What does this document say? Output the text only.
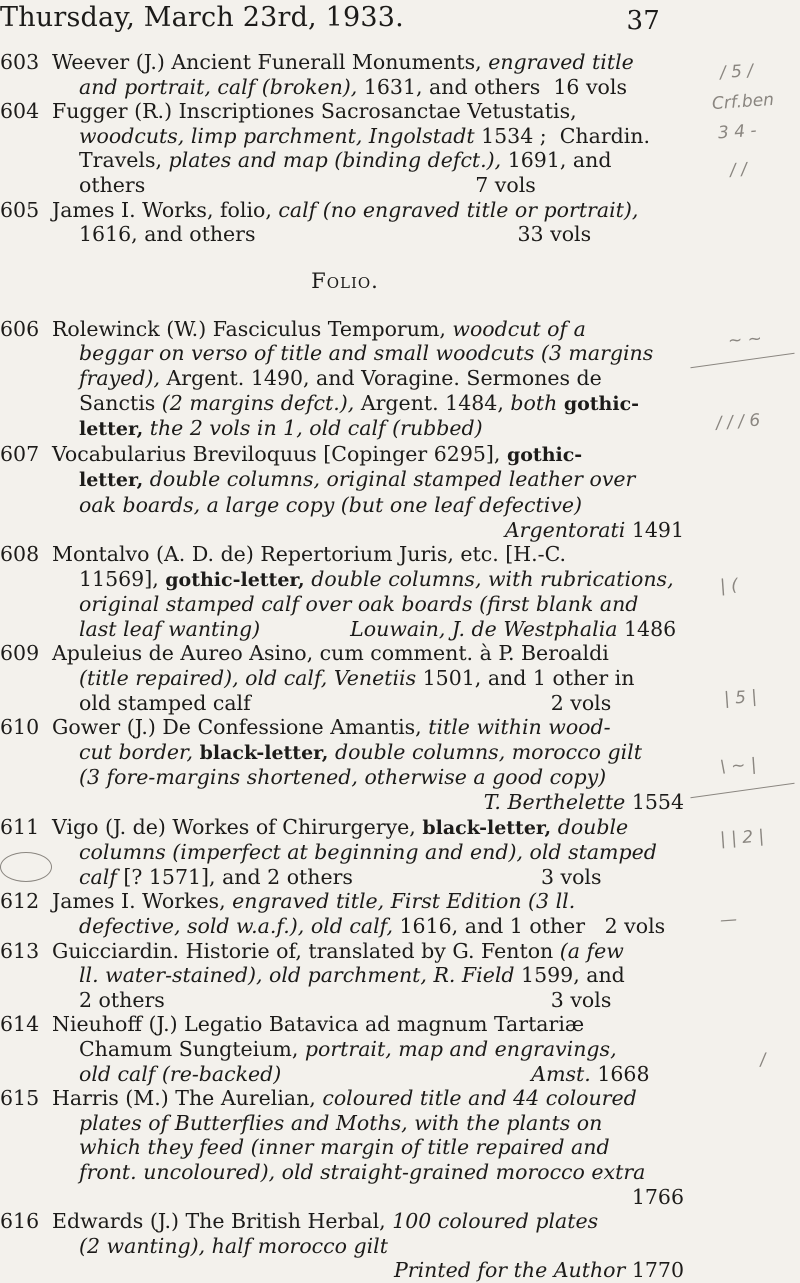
Thursday, March 23rd, 1933.	37
603 Weever (J.) Ancient Funerall Monuments, engraved title
and portrait, calf (broken), 1631, and others  16 vols
604 Fugger (R.) Inscriptiones Sacrosanctae Vetustatis,
woodcuts, limp parchment, Ingolstadt 1534 ;  Chardin.
Travels, plates and map (binding defct.), 1691, and
others	7 vols
605 James I. Works, folio, calf (no engraved title or portrait),
1616, and others	33 vols
Folio.
606 Rolewinck (W.) Fasciculus Temporum, woodcut of a
beggar on verso of title and small woodcuts (3 margins
frayed), Argent. 1490, and Voragine. Sermones de
Sanctis (2 margins defct.), Argent. 1484, both gothic-
letter, the 2 vols in 1, old calf (rubbed)
607 Vocabularius Breviloquus [Copinger 6295], gothic-
letter, double columns, original stamped leather over
oak boards, a large copy (but one leaf defective)
Argentorati 1491
608 Montalvo (A. D. de) Repertorium Juris, etc. [H.-C.
11569], gothic-letter, double columns, with rubrications,
original stamped calf over oak boards (first blank and
last leaf wanting)	Louwain, J. de Westphalia 1486
609 Apuleius de Aureo Asino, cum comment. à P. Beroaldi
(title repaired), old calf, Venetiis 1501, and 1 other in
old stamped calf	2 vols
610 Gower (J.) De Confessione Amantis, title within wood-
cut border, black-letter, double columns, morocco gilt
(3 fore-margins shortened, otherwise a good copy)
T. Berthelette 1554
611 Vigo (J. de) Workes of Chirurgerye, black-letter, double
columns (imperfect at beginning and end), old stamped
calf [? 1571], and 2 others	3 vols
612 James I. Workes, engraved title, First Edition (3 ll.
defective, sold w.a.f.), old calf, 1616, and 1 other   2 vols
613 Guicciardin. Historie of, translated by G. Fenton (a few
ll. water-stained), old parchment, R. Field 1599, and
2 others	3 vols
614 Nieuhoff (J.) Legatio Batavica ad magnum Tartariæ
Chamum Sungteium, portrait, map and engravings,
old calf (re-backed)	Amst. 1668
615 Harris (M.) The Aurelian, coloured title and 44 coloured
plates of Butterflies and Moths, with the plants on
which they feed (inner margin of title repaired and
front. uncoloured), old straight-grained morocco extra
1766
616 Edwards (J.) The British Herbal, 100 coloured plates
(2 wanting), half morocco gilt
Printed for the Author 1770
/ 5 /
Crf.ben
3 4 -
/ /
~ ~
/ / / 6
| (
| 5 |
\ ~ |
| | 2 |
—
/
